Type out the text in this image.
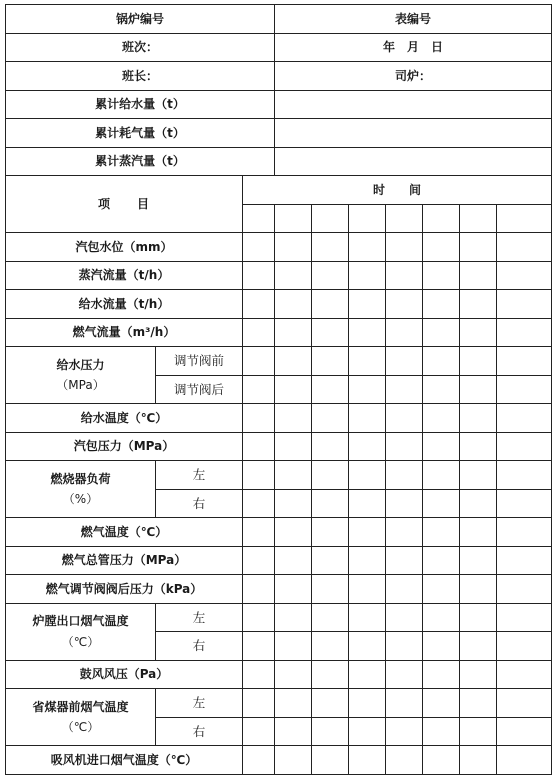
锅炉编号			表编号						
班次：			年　月　日						
班长：			司炉：						
累计给水量（t）									
累计耗气量（t）									
累计蒸汽量（t）									
项　　目		时　　间							

汽包水位（mm）									
蒸汽流量（t/h）									
给水流量（t/h）									
燃气流量（m³/h）									

给水压力
（MPa）	调节阀前								
	调节阀后								
给水温度（℃）									
汽包压力（MPa）									

燃烧器负荷
（%）	左								
	右								
燃气温度（℃）									
燃气总管压力（MPa）									
燃气调节阀阀后压力（kPa）									

炉膛出口烟气温度
（℃）	左								
	右								
鼓风风压（Pa）									

省煤器前烟气温度
（℃）	左								
	右								
吸风机进口烟气温度（℃）									
